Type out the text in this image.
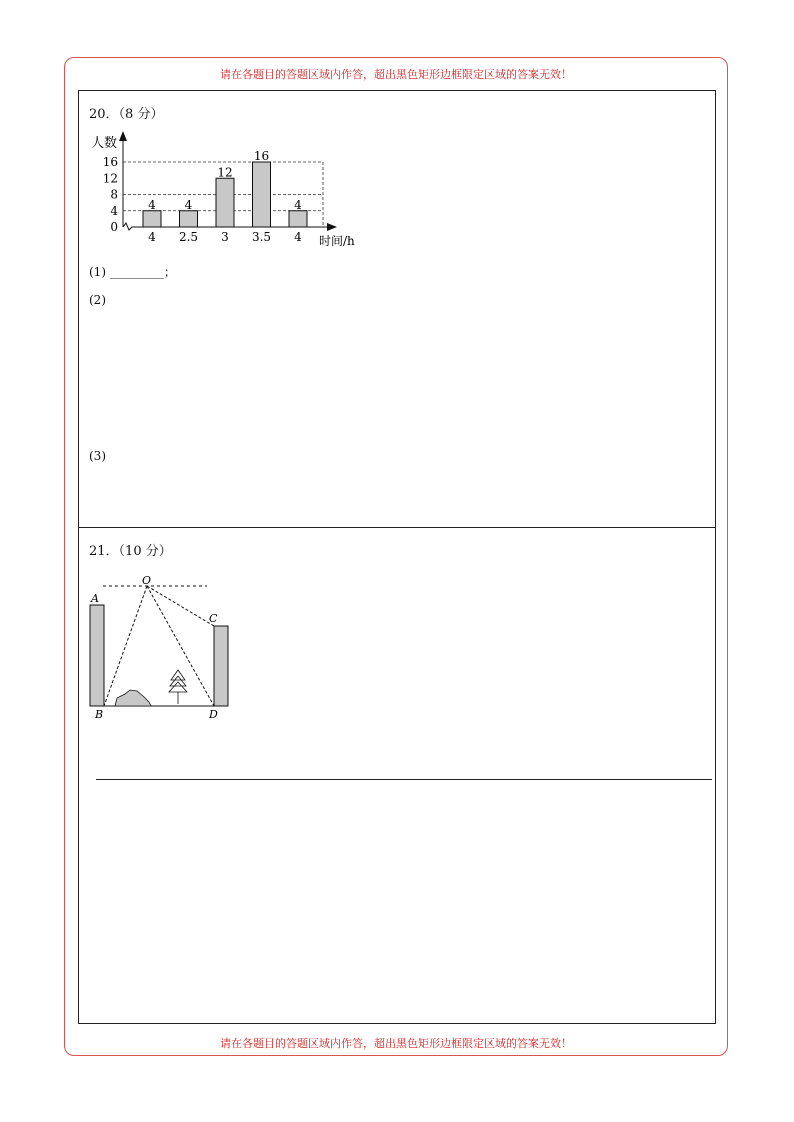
请在各题目的答题区域内作答，超出黑色矩形边框限定区域的答案无效！
请在各题目的答题区域内作答，超出黑色矩形边框限定区域的答案无效！
20．（8 分）
0
4
8
12
16
4
4
4
2.5
12
3
16
3.5
4
4
人数
时间/h
(1) _________；
(2)
(3)
21．（10 分）
O
A
B
C
D
